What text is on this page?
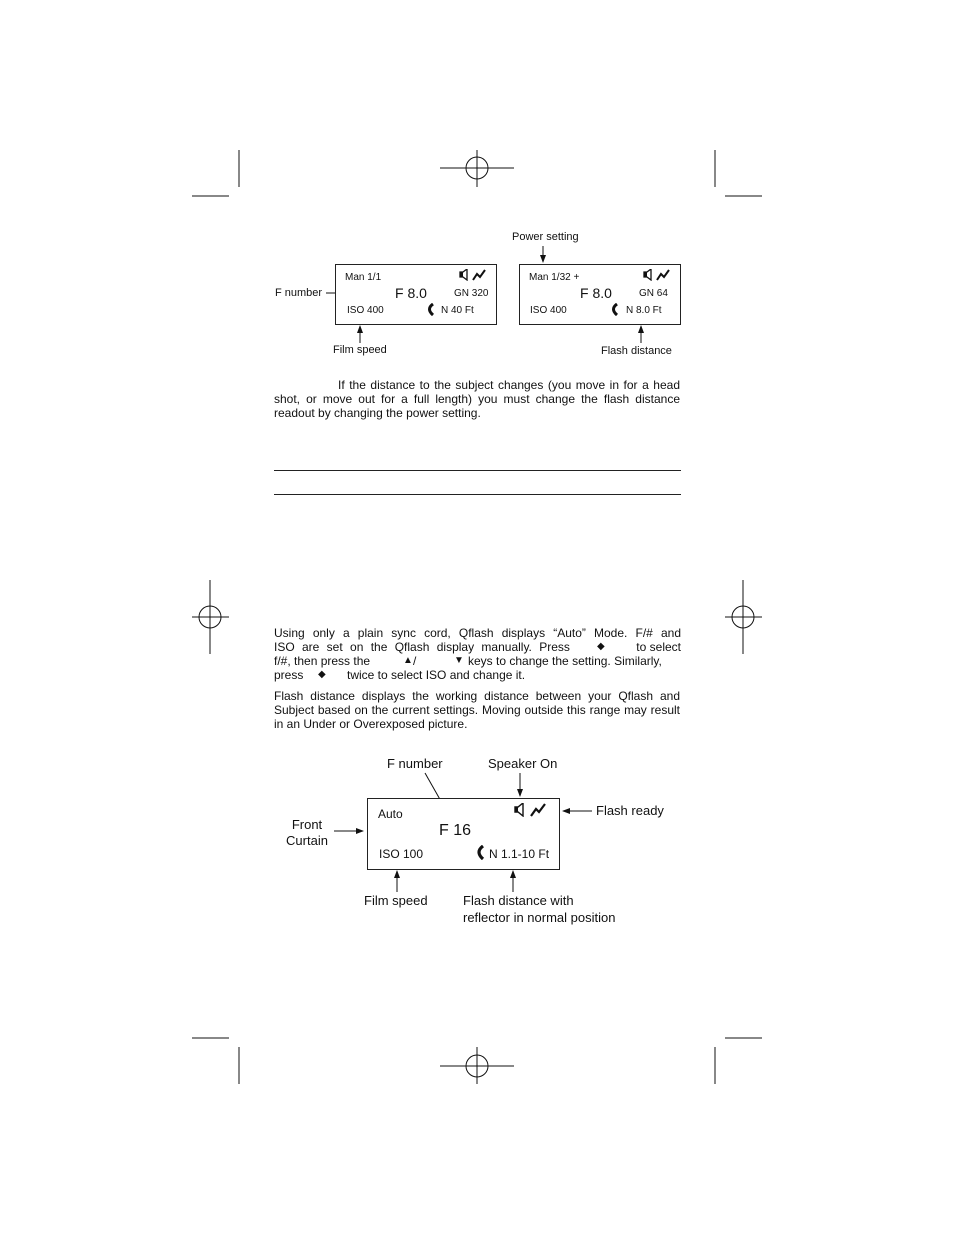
Power setting
F number
Film speed	Flash distance
Man 1/1
F 8.0	GN 320
ISO 400	N 40 Ft
Man 1/32 +
F 8.0	GN 64
ISO 400	N 8.0 Ft
If the distance to the subject changes (you move in for a head shot, or move out for a full length) you must change the flash distance readout by changing the power setting.
Using only a plain sync cord, Qflash displays “Auto” Mode. F/# and
ISO are set on the Qflash display manually. Press	◆	to select
f/#, then press the	▲ /	▼ keys to change the setting. Similarly,
press ◆ twice to select ISO and change it.
Flash distance displays the working distance between your Qflash and Subject based on the current settings. Moving outside this range may result in an Under or Overexposed picture.
F number	Speaker On
Flash ready
Front
Curtain
Film speed	Flash distance with
reflector in normal position
Auto
F 16
ISO 100	N 1.1-10 Ft
